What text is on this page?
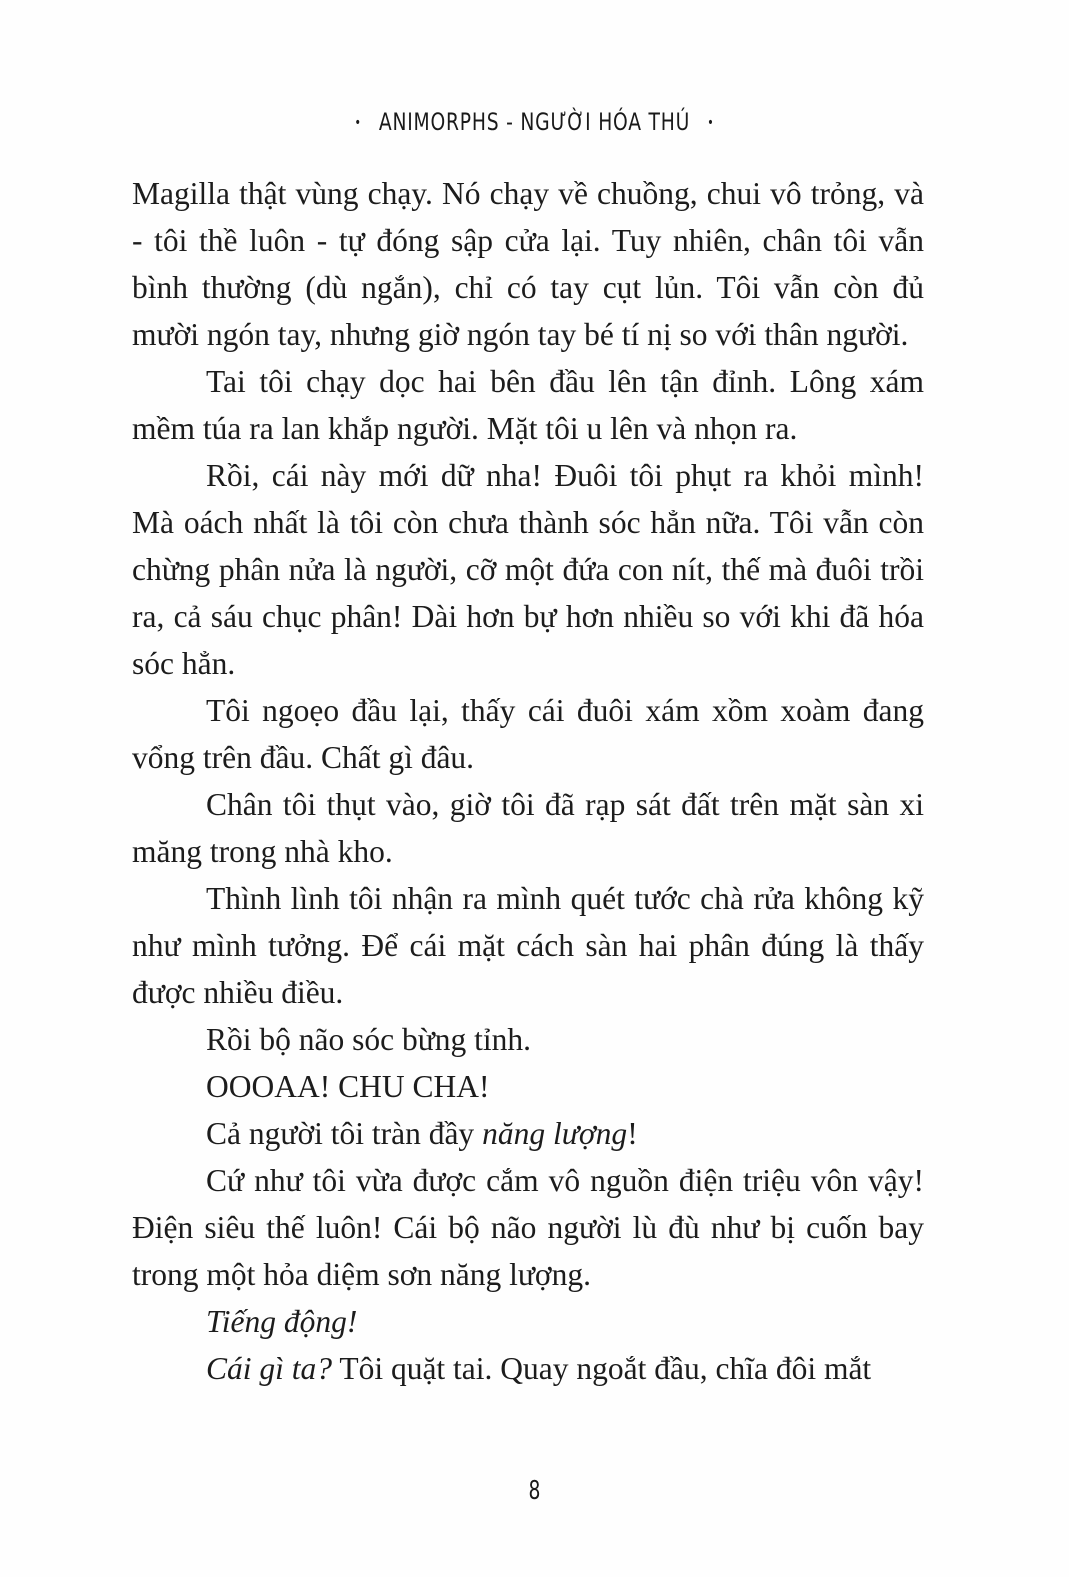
• ANIMORPHS - NGƯỜI HÓA THÚ •

Magilla thật vùng chạy. Nó chạy về chuồng, chui vô trỏng, và - tôi thề luôn - tự đóng sập cửa lại. Tuy nhiên, chân tôi vẫn bình thường (dù ngắn), chỉ có tay cụt lủn. Tôi vẫn còn đủ mười ngón tay, nhưng giờ ngón tay bé tí nị so với thân người.

Tai tôi chạy dọc hai bên đầu lên tận đỉnh. Lông xám mềm túa ra lan khắp người. Mặt tôi u lên và nhọn ra.

Rồi, cái này mới dữ nha! Đuôi tôi phụt ra khỏi mình! Mà oách nhất là tôi còn chưa thành sóc hẳn nữa. Tôi vẫn còn chừng phân nửa là người, cỡ một đứa con nít, thế mà đuôi trồi ra, cả sáu chục phân! Dài hơn bự hơn nhiều so với khi đã hóa sóc hẳn.

Tôi ngoẹo đầu lại, thấy cái đuôi xám xồm xoàm đang vổng trên đầu. Chất gì đâu.

Chân tôi thụt vào, giờ tôi đã rạp sát đất trên mặt sàn xi măng trong nhà kho.

Thình lình tôi nhận ra mình quét tước chà rửa không kỹ như mình tưởng. Để cái mặt cách sàn hai phân đúng là thấy được nhiều điều.

Rồi bộ não sóc bừng tỉnh.

OOOAA! CHU CHA!

Cả người tôi tràn đầy năng lượng!

Cứ như tôi vừa được cắm vô nguồn điện triệu vôn vậy! Điện siêu thế luôn! Cái bộ não người lù đù như bị cuốn bay trong một hỏa diệm sơn năng lượng.

Tiếng động!

Cái gì ta? Tôi quặt tai. Quay ngoắt đầu, chĩa đôi mắt

8
